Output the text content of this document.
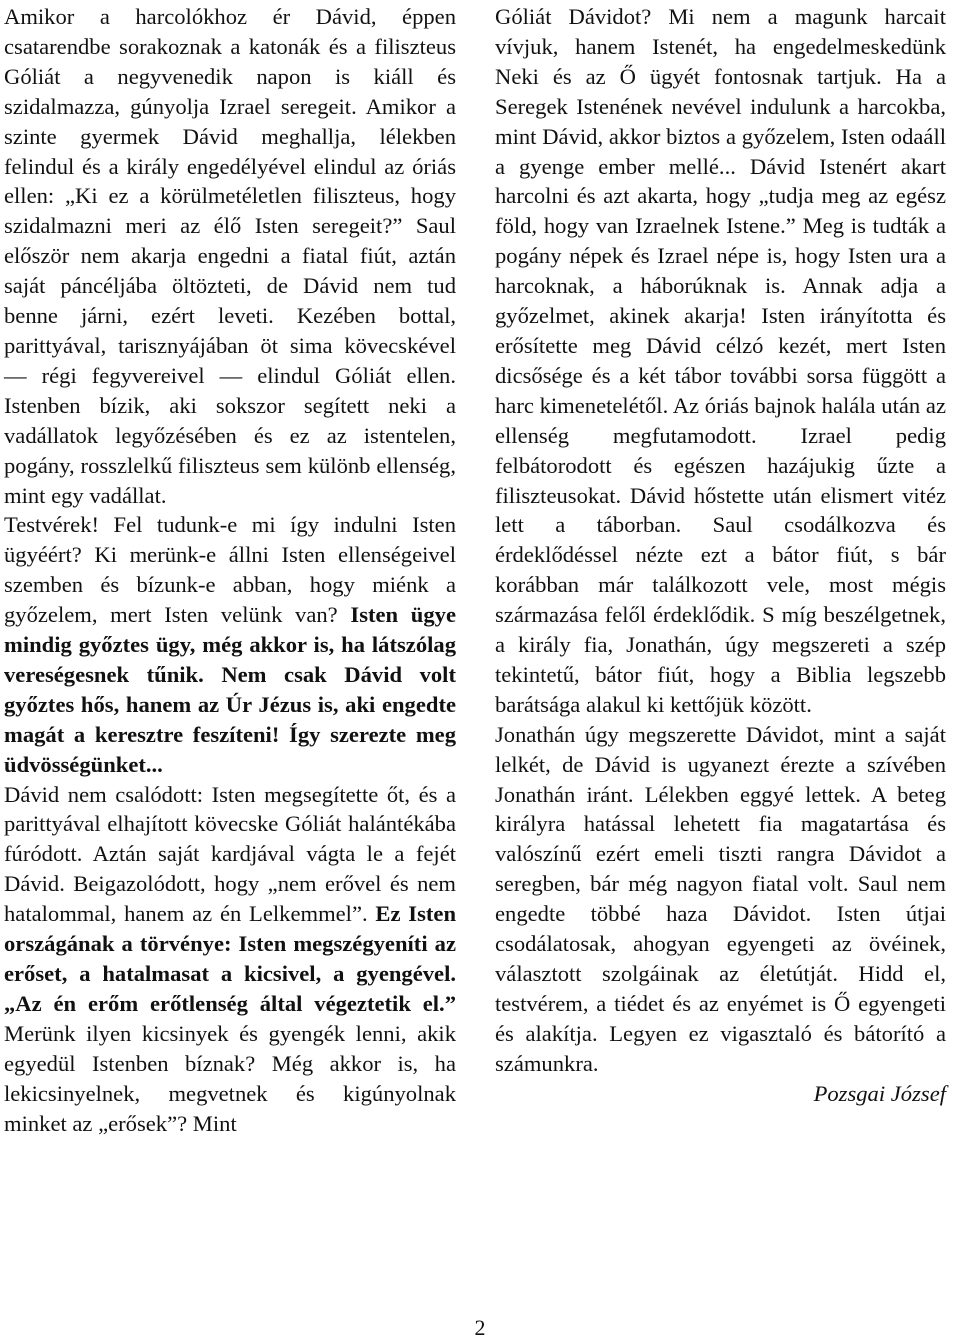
Amikor a harcolókhoz ér Dávid, éppen csatarendbe sorakoznak a katonák és a filiszteus Góliát a negyvenedik napon is kiáll és szidalmazza, gúnyolja Izrael seregeit. Amikor a szinte gyermek Dávid meghallja, lélekben felindul és a király engedélyével elindul az óriás ellen: „Ki ez a körülmetéletlen filiszteus, hogy szidalmazni meri az élő Isten seregeit?” Saul először nem akarja engedni a fiatal fiút, aztán saját páncéljába öltözteti, de Dávid nem tud benne járni, ezért leveti. Kezében bottal, parittyával, tarisznyájában öt sima kövecskével — régi fegyvereivel — elindul Góliát ellen. Istenben bízik, aki sokszor segített neki a vadállatok legyőzésében és ez az istentelen, pogány, rosszlelkű filiszteus sem különb ellenség, mint egy vadállat.

Testvérek! Fel tudunk-e mi így indulni Isten ügyéért? Ki merünk-e állni Isten ellenségeivel szemben és bízunk-e abban, hogy miénk a győzelem, mert Isten velünk van? Isten ügye mindig győztes ügy, még akkor is, ha látszólag vereségesnek tűnik. Nem csak Dávid volt győztes hős, hanem az Úr Jézus is, aki engedte magát a keresztre feszíteni! Így szerezte meg üdvösségünket...

Dávid nem csalódott: Isten megsegítette őt, és a parittyával elhajított kövecske Góliát halántékába fúródott. Aztán saját kardjával vágta le a fejét Dávid. Beigazolódott, hogy „nem erővel és nem hatalommal, hanem az én Lelkemmel”. Ez Isten országának a törvénye: Isten megszégyeníti az erőset, a hatalmasat a kicsivel, a gyengével. „Az én erőm erőtlenség által végeztetik el.” Merünk ilyen kicsinyek és gyengék lenni, akik egyedül Istenben bíznak? Még akkor is, ha lekicsinyelnek, megvetnek és kigúnyolnak minket az „erősek”? Mint

Góliát Dávidot? Mi nem a magunk harcait vívjuk, hanem Istenét, ha engedelmeskedünk Neki és az Ő ügyét fontosnak tartjuk. Ha a Seregek Istenének nevével indulunk a harcokba, mint Dávid, akkor biztos a győzelem, Isten odaáll a gyenge ember mellé... Dávid Istenért akart harcolni és azt akarta, hogy „tudja meg az egész föld, hogy van Izraelnek Istene.” Meg is tudták a pogány népek és Izrael népe is, hogy Isten ura a harcoknak, a háborúknak is. Annak adja a győzelmet, akinek akarja! Isten irányította és erősítette meg Dávid célzó kezét, mert Isten dicsősége és a két tábor további sorsa függött a harc kimenetelétől. Az óriás bajnok halála után az ellenség megfutamodott. Izrael pedig felbátorodott és egészen hazájukig űzte a filiszteusokat. Dávid hőstette után elismert vitéz lett a táborban. Saul csodálkozva és érdeklődéssel nézte ezt a bátor fiút, s bár korábban már találkozott vele, most mégis származása felől érdeklődik. S míg beszélgetnek, a király fia, Jonathán, úgy megszereti a szép tekintetű, bátor fiút, hogy a Biblia legszebb barátsága alakul ki kettőjük között.

Jonathán úgy megszerette Dávidot, mint a saját lelkét, de Dávid is ugyanezt érezte a szívében Jonathán iránt. Lélekben eggyé lettek. A beteg királyra hatással lehetett fia magatartása és valószínű ezért emeli tiszti rangra Dávidot a seregben, bár még nagyon fiatal volt. Saul nem engedte többé haza Dávidot. Isten útjai csodálatosak, ahogyan egyengeti az övéinek, választott szolgáinak az életútját. Hidd el, testvérem, a tiédet és az enyémet is Ő egyengeti és alakítja. Legyen ez vigasztaló és bátorító a számunkra.

Pozsgai József

2
